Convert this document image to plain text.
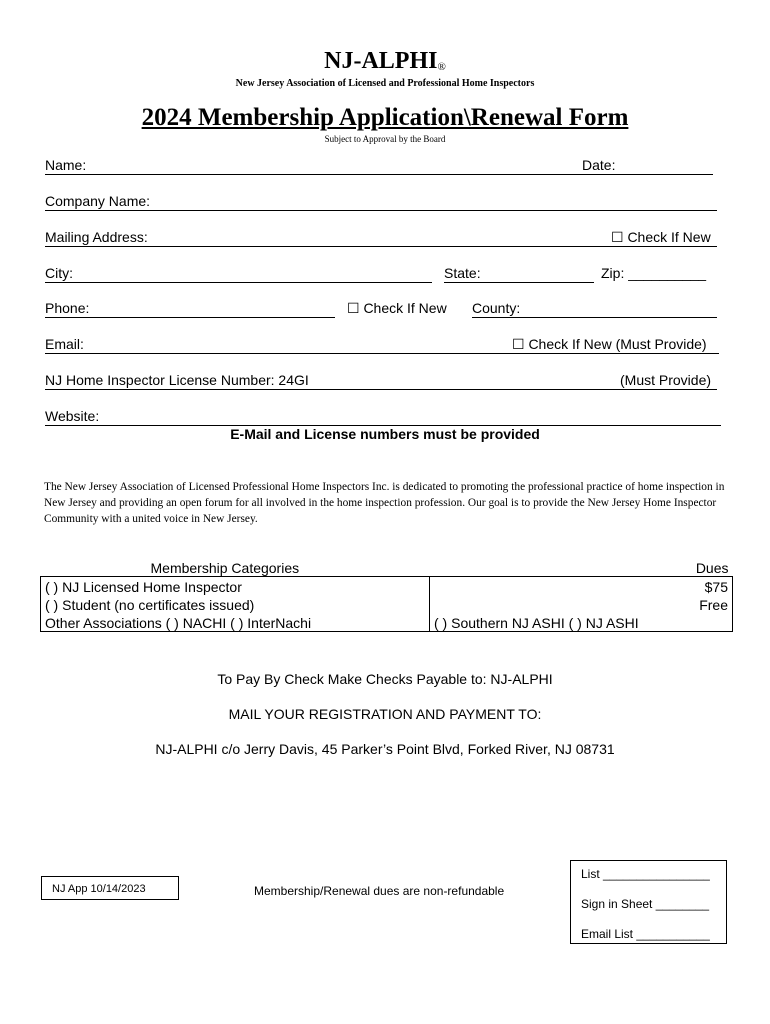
NJ-ALPHI®
New Jersey Association of Licensed and Professional Home Inspectors
2024 Membership Application\Renewal Form
Subject to Approval by the Board
Name:	Date:
Company Name:
Mailing Address:	☐ Check If New
City:	State:	Zip: __________
Phone:	☐ Check If New County:
Email:	☐ Check If New (Must Provide)
NJ Home Inspector License Number: 24GI	(Must Provide)
Website:
E-Mail and License numbers must be provided
The New Jersey Association of Licensed Professional Home Inspectors Inc. is dedicated to promoting the professional practice of home inspection in New Jersey and providing an open forum for all involved in the home inspection profession. Our goal is to provide the New Jersey Home Inspector Community with a united voice in New Jersey.
Membership Categories	Dues
( ) NJ Licensed Home Inspector	$75
( ) Student (no certificates issued)	Free
Other Associations ( ) NACHI ( ) InterNachi	( ) Southern NJ ASHI ( ) NJ ASHI
To Pay By Check Make Checks Payable to: NJ-ALPHI
MAIL YOUR REGISTRATION AND PAYMENT TO:
NJ-ALPHI c/o Jerry Davis, 45 Parker’s Point Blvd, Forked River, NJ 08731
NJ App 10/14/2023	Membership/Renewal dues are non-refundable
List ________________
Sign in Sheet ________
Email List ___________
